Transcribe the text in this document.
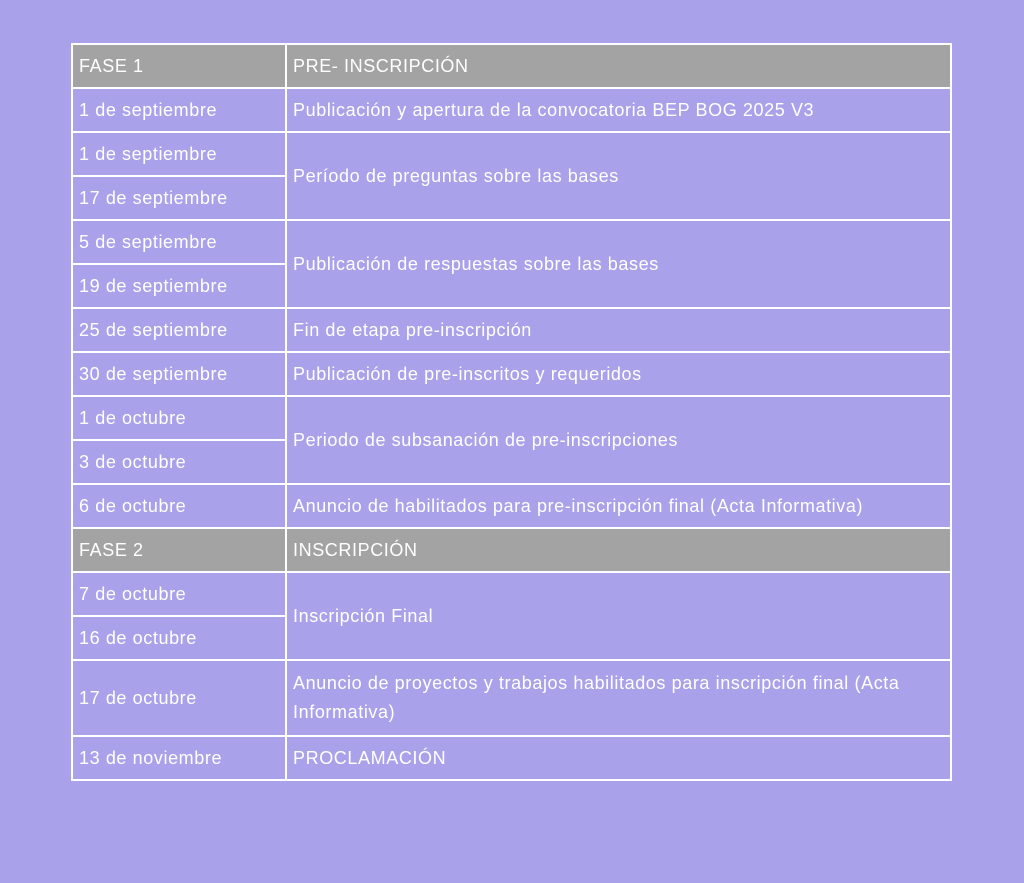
FASE 1	PRE- INSCRIPCIÓN
1 de septiembre	Publicación y apertura de la convocatoria BEP BOG 2025 V3
1 de septiembre	Período de preguntas sobre las bases
17 de septiembre	
5 de septiembre	Publicación de respuestas sobre las bases
19 de septiembre	
25 de septiembre	Fin de etapa pre-inscripción
30 de septiembre	Publicación de pre-inscritos y requeridos
1 de octubre	Periodo de subsanación de pre-inscripciones
3 de octubre	
6 de octubre	Anuncio de habilitados para pre-inscripción final (Acta Informativa)
FASE 2	INSCRIPCIÓN
7 de octubre	Inscripción Final
16 de octubre	
17 de octubre	Anuncio de proyectos y trabajos habilitados para inscripción final (Acta Informativa)
13 de noviembre	PROCLAMACIÓN
